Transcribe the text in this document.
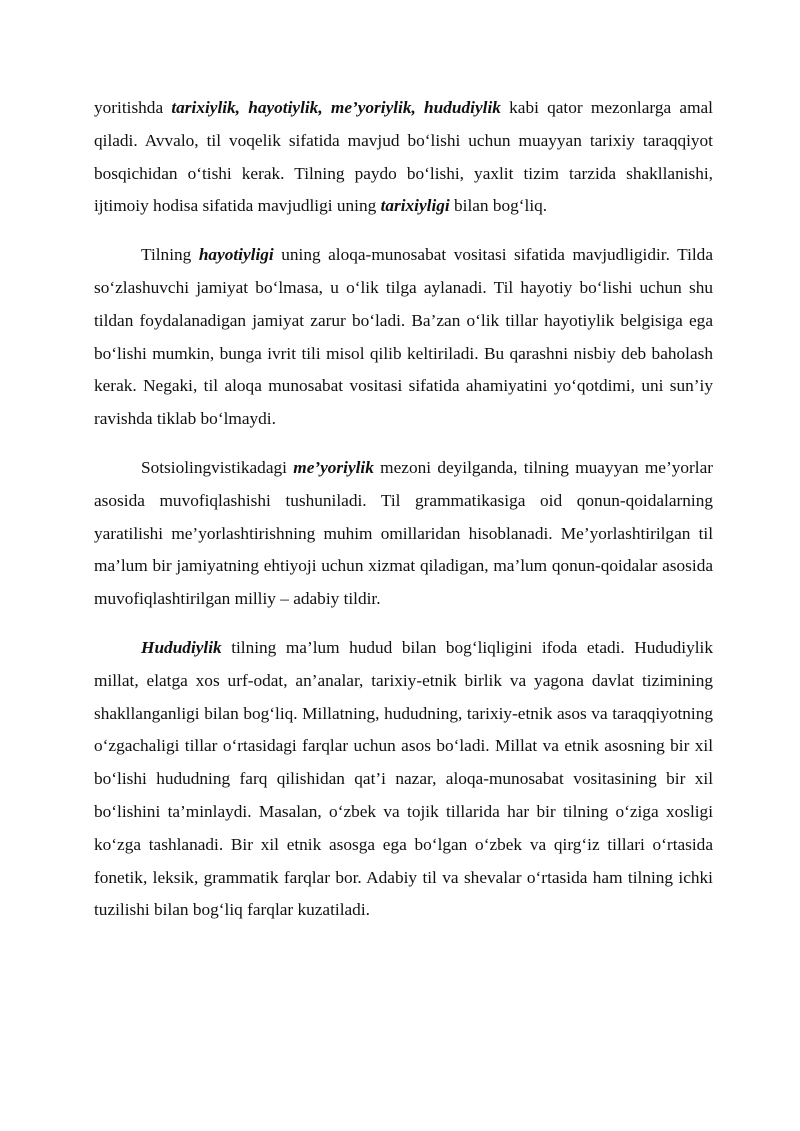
yoritishda tarixiylik, hayotiylik, me’yoriylik, hududiylik kabi qator mezonlarga amal qiladi. Avvalo, til voqelik sifatida mavjud bo‘lishi uchun muayyan tarixiy taraqqiyot bosqichidan o‘tishi kerak. Tilning paydo bo‘lishi, yaxlit tizim tarzida shakllanishi, ijtimoiy hodisa sifatida mavjudligi uning tarixiyligi bilan bog‘liq.

Tilning hayotiyligi uning aloqa-munosabat vositasi sifatida mavjudligidir. Tilda so‘zlashuvchi jamiyat bo‘lmasa, u o‘lik tilga aylanadi. Til hayotiy bo‘lishi uchun shu tildan foydalanadigan jamiyat zarur bo‘ladi. Ba’zan o‘lik tillar hayotiylik belgisiga ega bo‘lishi mumkin, bunga ivrit tili misol qilib keltiriladi. Bu qarashni nisbiy deb baholash kerak. Negaki, til aloqa munosabat vositasi sifatida ahamiyatini yo‘qotdimi, uni sun’iy ravishda tiklab bo‘lmaydi.

Sotsiolingvistikadagi me’yoriylik mezoni deyilganda, tilning muayyan me’yorlar asosida muvofiqlashishi tushuniladi. Til grammatikasiga oid qonun-qoidalarning yaratilishi me’yorlashtirishning muhim omillaridan hisoblanadi. Me’yorlashtirilgan til ma’lum bir jamiyatning ehtiyoji uchun xizmat qiladigan, ma’lum qonun-qoidalar asosida muvofiqlashtirilgan milliy – adabiy tildir.

Hududiylik tilning ma’lum hudud bilan bog‘liqligini ifoda etadi. Hududiylik millat, elatga xos urf-odat, an’analar, tarixiy-etnik birlik va yagona davlat tizimining shakllanganligi bilan bog‘liq. Millatning, hududning, tarixiy-etnik asos va taraqqiyotning o‘zgachaligi tillar o‘rtasidagi farqlar uchun asos bo‘ladi. Millat va etnik asosning bir xil bo‘lishi hududning farq qilishidan qat’i nazar, aloqa-munosabat vositasining bir xil bo‘lishini ta’minlaydi. Masalan, o‘zbek va tojik tillarida har bir tilning o‘ziga xosligi ko‘zga tashlanadi. Bir xil etnik asosga ega bo‘lgan o‘zbek va qirg‘iz tillari o‘rtasida fonetik, leksik, grammatik farqlar bor. Adabiy til va shevalar o‘rtasida ham tilning ichki tuzilishi bilan bog‘liq farqlar kuzatiladi.
